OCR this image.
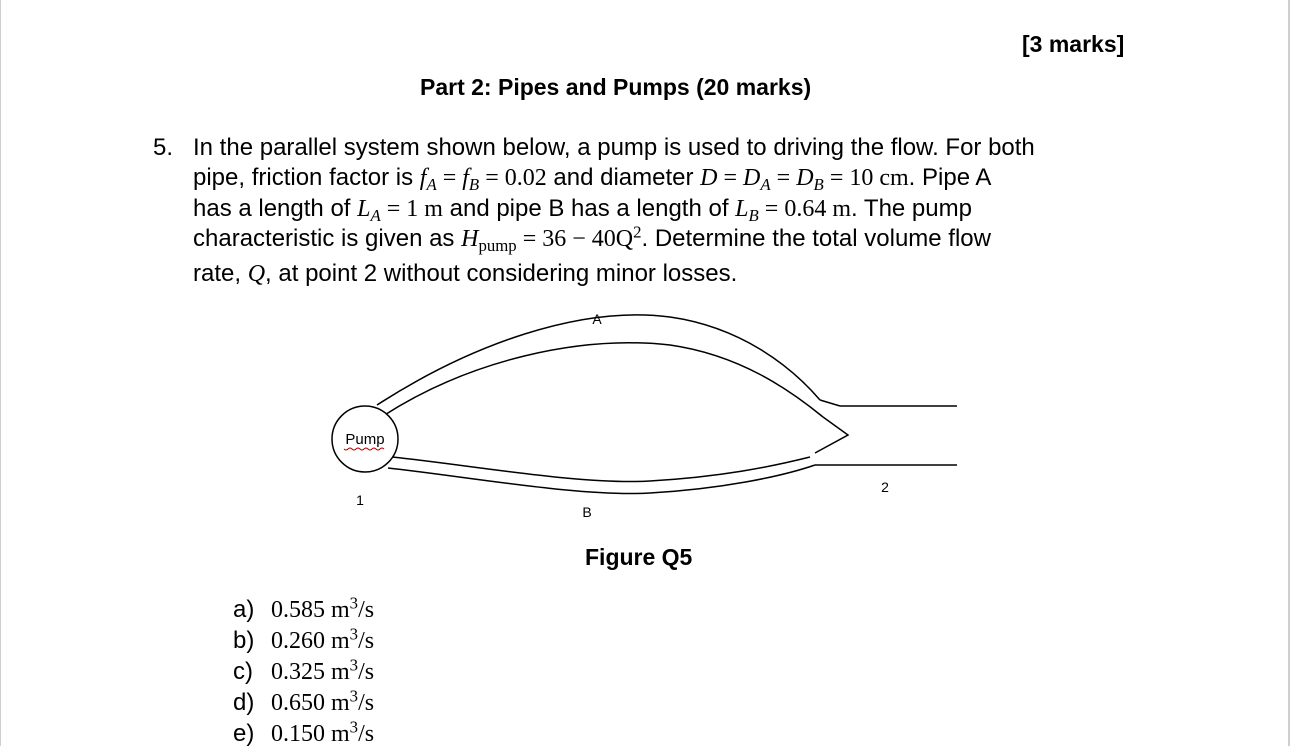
[3 marks]
Part 2: Pipes and Pumps (20 marks)
5. In the parallel system shown below, a pump is used to driving the flow. For both
pipe, friction factor is $f_A = f_B = 0.02$ and diameter $D = D_A = D_B = 10$ cm. Pipe A
has a length of $L_A = 1$ m and pipe B has a length of $L_B = 0.64$ m. The pump
characteristic is given as $H_{pump} = 36 - 40Q^2$. Determine the total volume flow
rate, Q, at point 2 without considering minor losses.
Pump
A
B
1
2
Figure Q5
a) 0.585 $m^3/s$
b) 0.260 $m^3/s$
c) 0.325 $m^3/s$
d) 0.650 $m^3/s$
e) 0.150 $m^3/s$
